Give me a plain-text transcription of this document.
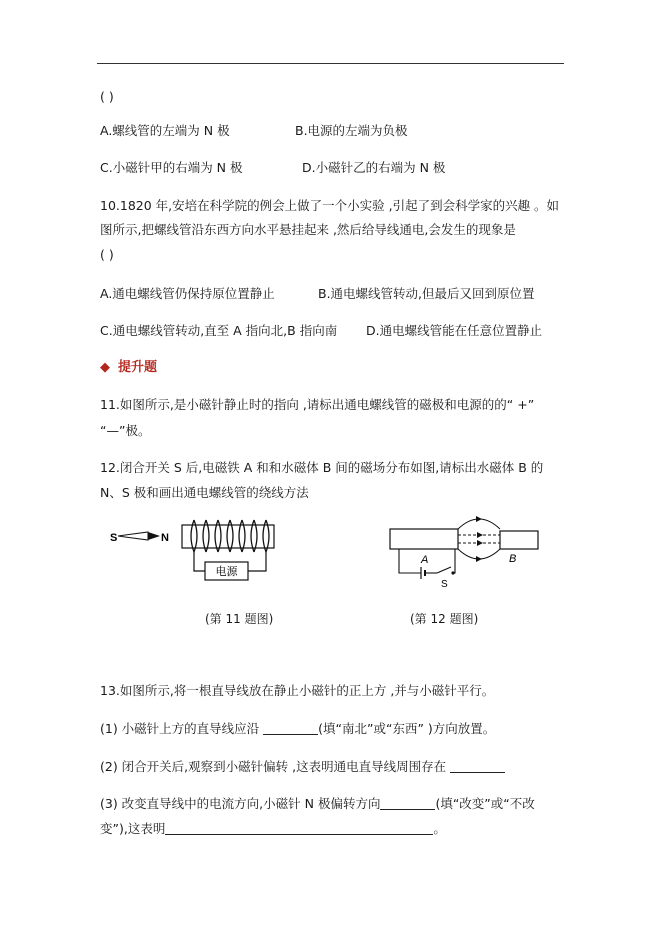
( )
A.螺线管的左端为 N 极	B.电源的左端为负极
C.小磁针甲的右端为 N 极	D.小磁针乙的右端为 N 极
10.1820 年,安培在科学院的例会上做了一个小实验 ,引起了到会科学家的兴趣 。如
图所示,把螺线管沿东西方向水平悬挂起来 ,然后给导线通电,会发生的现象是
( )
A.通电螺线管仍保持原位置静止	B.通电螺线管转动,但最后又回到原位置
C.通电螺线管转动,直至 A 指向北,B 指向南 D.通电螺线管能在任意位置静止
◆ 提升题
11.如图所示,是小磁针静止时的指向 ,请标出通电螺线管的磁极和电源的的“ +”
“—”极。
12.闭合开关 S 后,电磁铁 A 和和水磁体 B 间的磁场分布如图,请标出水磁体 B 的
N、S 极和画出通电螺线管的绕线方法
S	N
电源
(第 11 题图)
B
A
S
(第 12 题图)
13.如图所示,将一根直导线放在静止小磁针的正上方 ,并与小磁针平行。
(1) 小磁针上方的直导线应沿	(填“南北”或“东西” )方向放置。
(2) 闭合开关后,观察到小磁针偏转 ,这表明通电直导线周围存在
(3) 改变直导线中的电流方向,小磁针 N 极偏转方向	(填“改变”或“不改
变”),这表明	。
